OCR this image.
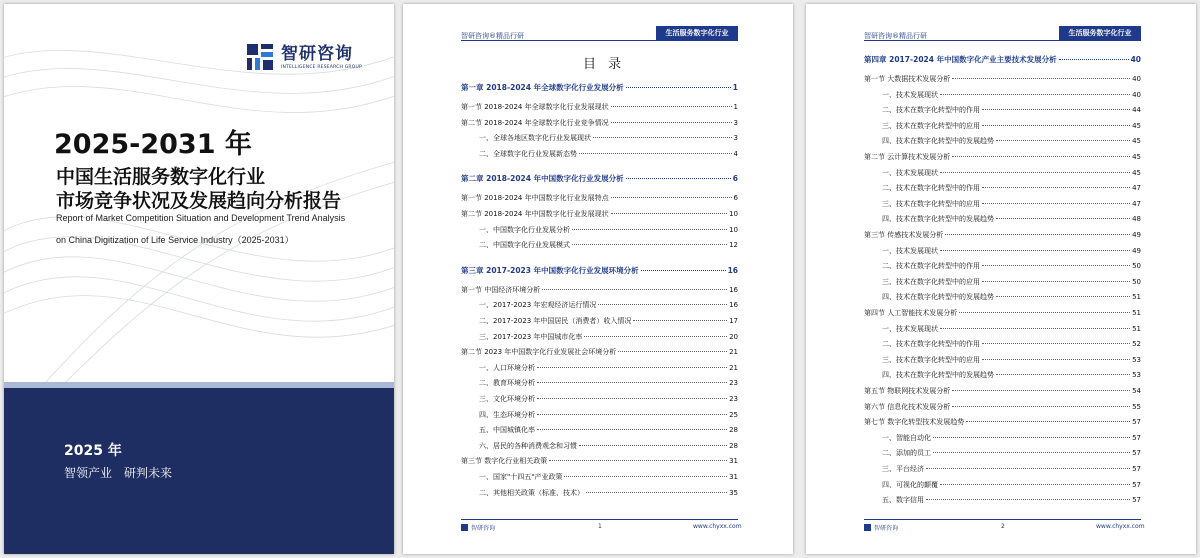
智研咨询
INTELLIGENCE RESEARCH GROUP
2025-2031 年
中国生活服务数字化行业
市场竞争状况及发展趋向分析报告
Report of Market Competition Situation and Development Trend Analysis
on China Digitization of Life Service Industry（2025-2031）
2025 年
智领产业 研判未来
智研咨询®精品行研	生活服务数字化行业
目 录
第一章 2018-2024 年全球数字化行业发展分析	1
第一节 2018-2024 年全球数字化行业发展现状	1
第二节 2018-2024 年全球数字化行业竞争情况	3
一、全球各地区数字化行业发展现状	3
二、全球数字化行业发展新态势	4
第二章 2018-2024 年中国数字化行业发展分析	6
第一节 2018-2024 年中国数字化行业发展特点	6
第二节 2018-2024 年中国数字化行业发展现状	10
一、中国数字化行业发展分析	10
二、中国数字化行业发展模式	12
第三章 2017-2023 年中国数字化行业发展环境分析	16
第一节 中国经济环境分析	16
一、2017-2023 年宏观经济运行情况	16
二、2017-2023 年中国居民（消费者）收入情况	17
三、2017-2023 年中国城市化率	20
第二节 2023 年中国数字化行业发展社会环境分析	21
一、人口环境分析	21
二、教育环境分析	23
三、文化环境分析	23
四、生态环境分析	25
五、中国城镇化率	28
六、居民的各种消费观念和习惯	28
第三节 数字化行业相关政策	31
一、国家"十四五"产业政策	31
二、其他相关政策（标准、技术）	35
智研咨询	1	www.chyxx.com
智研咨询®精品行研	生活服务数字化行业
第四章 2017-2024 年中国数字化产业主要技术发展分析	40
第一节 大数据技术发展分析	40
一、技术发展现状	40
二、技术在数字化转型中的作用	44
三、技术在数字化转型中的应用	45
四、技术在数字化转型中的发展趋势	45
第二节 云计算技术发展分析	45
一、技术发展现状	45
二、技术在数字化转型中的作用	47
三、技术在数字化转型中的应用	47
四、技术在数字化转型中的发展趋势	48
第三节 传感技术发展分析	49
一、技术发展现状	49
二、技术在数字化转型中的作用	50
三、技术在数字化转型中的应用	50
四、技术在数字化转型中的发展趋势	51
第四节 人工智能技术发展分析	51
一、技术发展现状	51
二、技术在数字化转型中的作用	52
三、技术在数字化转型中的应用	53
四、技术在数字化转型中的发展趋势	53
第五节 物联网技术发展分析	54
第六节 信息化技术发展分析	55
第七节 数字化转型技术发展趋势	57
一、智能自动化	57
二、添加的员工	57
三、平台经济	57
四、可视化的颠覆	57
五、数字信用	57
智研咨询	2	www.chyxx.com
